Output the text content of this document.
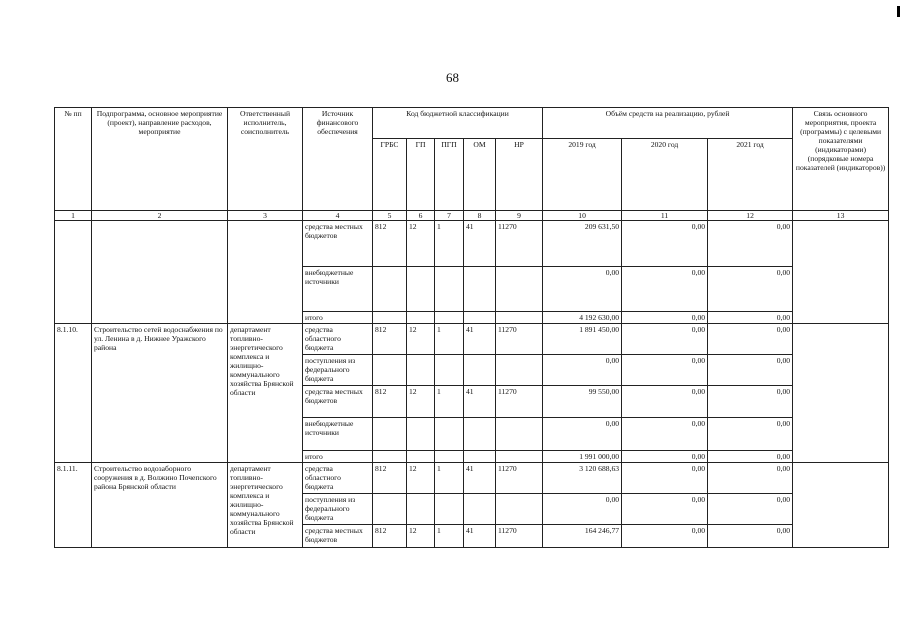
68
№ пп	Подпрограмма, основное мероприятие (проект), направление расходов, мероприятие	Ответственный исполнитель, соисполнитель	Источник финансового обеспечения	Код бюджетной классификации					Объём средств на реализацию, рублей			Связь основного мероприятия, проекта (программы) с целевыми показателями (индикаторами) (порядковые номера показателей (индикаторов))
				ГРБС	ГП	ПГП	ОМ	НР	2019 год	2020 год	2021 год	
1	2	3	4	5	6	7	8	9	10	11	12	13
			средства местных бюджетов	812	12	1	41	11270	209 631,50	0,00	0,00	
			внебюджетные источники						0,00	0,00	0,00	
			итого						4 192 630,00	0,00	0,00	
8.1.10.	Строительство сетей водоснабжения по ул. Ленина в д. Нижнее Уражского района	департамент топливно-энергетического комплекса и жилищно-коммунального хозяйства Брянской области	средства областного бюджета	812	12	1	41	11270	1 891 450,00	0,00	0,00	
			поступления из федерального бюджета						0,00	0,00	0,00	
			средства местных бюджетов	812	12	1	41	11270	99 550,00	0,00	0,00	
			внебюджетные источники						0,00	0,00	0,00	
			итого						1 991 000,00	0,00	0,00	
8.1.11.	Строительство водозаборного сооружения в д. Волжино Почепского района Брянской области	департамент топливно-энергетического комплекса и жилищно-коммунального хозяйства Брянской области	средства областного бюджета	812	12	1	41	11270	3 120 688,63	0,00	0,00	
			поступления из федерального бюджета						0,00	0,00	0,00	
			средства местных бюджетов	812	12	1	41	11270	164 246,77	0,00	0,00	
